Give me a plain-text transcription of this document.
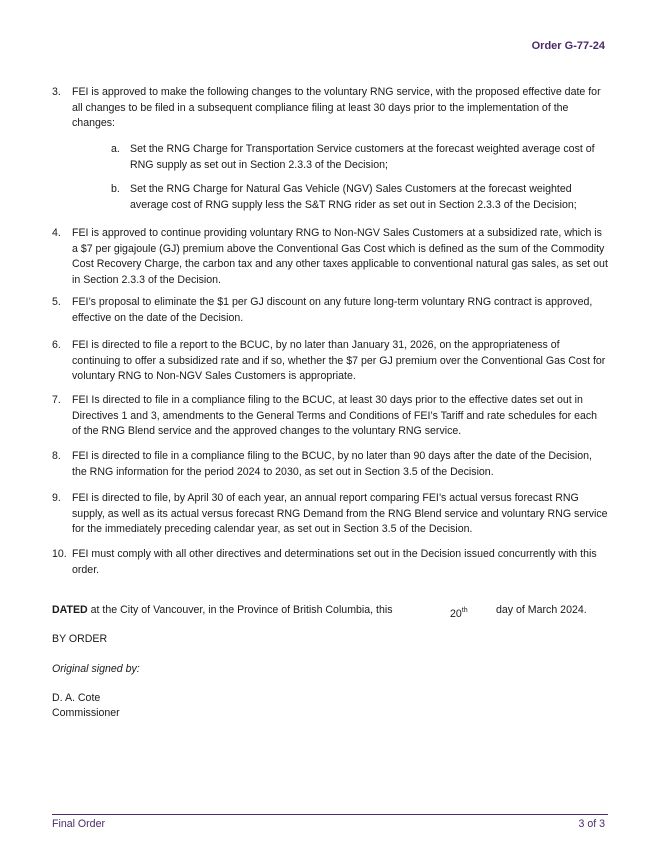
Order G-77-24
3. FEI is approved to make the following changes to the voluntary RNG service, with the proposed effective date for all changes to be filed in a subsequent compliance filing at least 30 days prior to the implementation of the changes:
a. Set the RNG Charge for Transportation Service customers at the forecast weighted average cost of RNG supply as set out in Section 2.3.3 of the Decision;
b. Set the RNG Charge for Natural Gas Vehicle (NGV) Sales Customers at the forecast weighted average cost of RNG supply less the S&T RNG rider as set out in Section 2.3.3 of the Decision;
4. FEI is approved to continue providing voluntary RNG to Non-NGV Sales Customers at a subsidized rate, which is a $7 per gigajoule (GJ) premium above the Conventional Gas Cost which is defined as the sum of the Commodity Cost Recovery Charge, the carbon tax and any other taxes applicable to conventional natural gas sales, as set out in Section 2.3.3 of the Decision.
5. FEI’s proposal to eliminate the $1 per GJ discount on any future long-term voluntary RNG contract is approved, effective on the date of the Decision.
6. FEI is directed to file a report to the BCUC, by no later than January 31, 2026, on the appropriateness of continuing to offer a subsidized rate and if so, whether the $7 per GJ premium over the Conventional Gas Cost for voluntary RNG to Non-NGV Sales Customers is appropriate.
7. FEI Is directed to file in a compliance filing to the BCUC, at least 30 days prior to the effective dates set out in Directives 1 and 3, amendments to the General Terms and Conditions of FEI’s Tariff and rate schedules for each of the RNG Blend service and the approved changes to the voluntary RNG service.
8. FEI is directed to file in a compliance filing to the BCUC, by no later than 90 days after the date of the Decision, the RNG information for the period 2024 to 2030, as set out in Section 3.5 of the Decision.
9. FEI is directed to file, by April 30 of each year, an annual report comparing FEI’s actual versus forecast RNG supply, as well as its actual versus forecast RNG Demand from the RNG Blend service and voluntary RNG service for the immediately preceding calendar year, as set out in Section 3.5 of the Decision.
10. FEI must comply with all other directives and determinations set out in the Decision issued concurrently with this order.
DATED at the City of Vancouver, in the Province of British Columbia, this	20th	day of March 2024.
BY ORDER
Original signed by:
D. A. Cote
Commissioner
Final Order	3 of 3
